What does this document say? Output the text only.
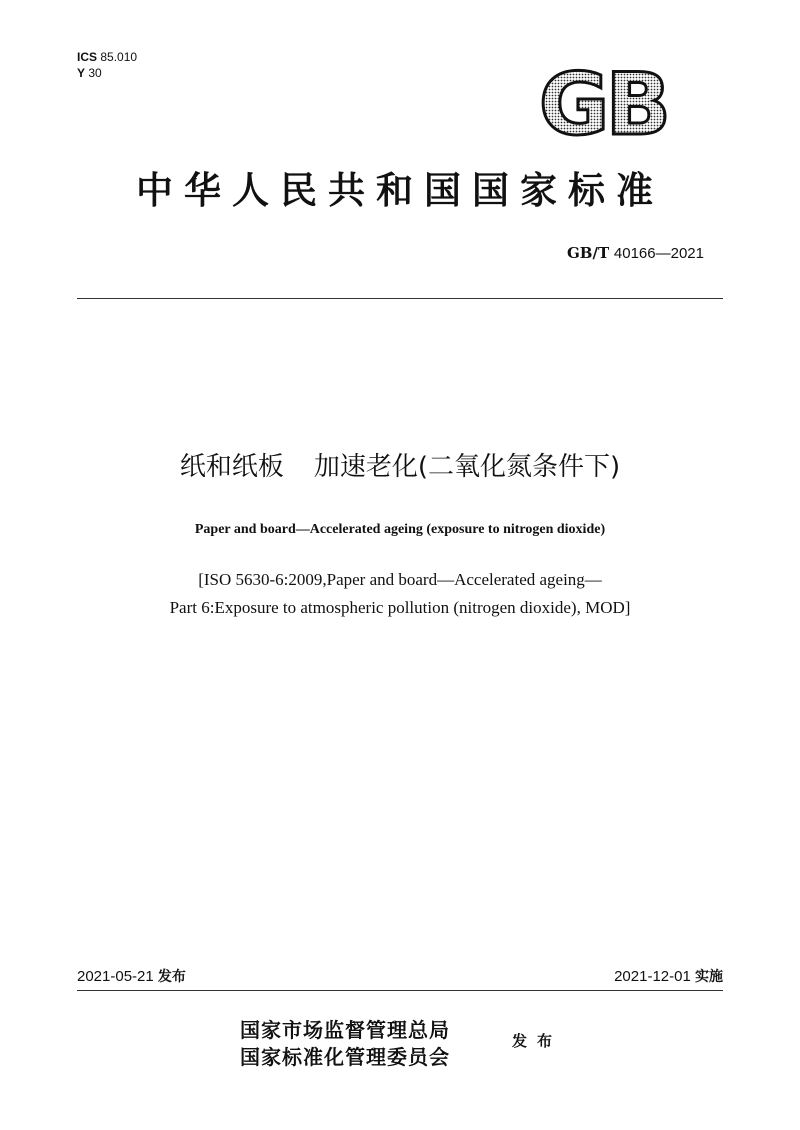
ICS 85.010
Y 30	GB
中华人民共和国国家标准
GB/T 40166—2021
纸和纸板 加速老化(二氧化氮条件下)
Paper and board—Accelerated ageing (exposure to nitrogen dioxide)
[ISO 5630-6:2009,Paper and board—Accelerated ageing—
Part 6:Exposure to atmospheric pollution (nitrogen dioxide), MOD]
2021-05-21 发布	2021-12-01 实施
国家市场监督管理总局
国家标准化管理委员会
发布
